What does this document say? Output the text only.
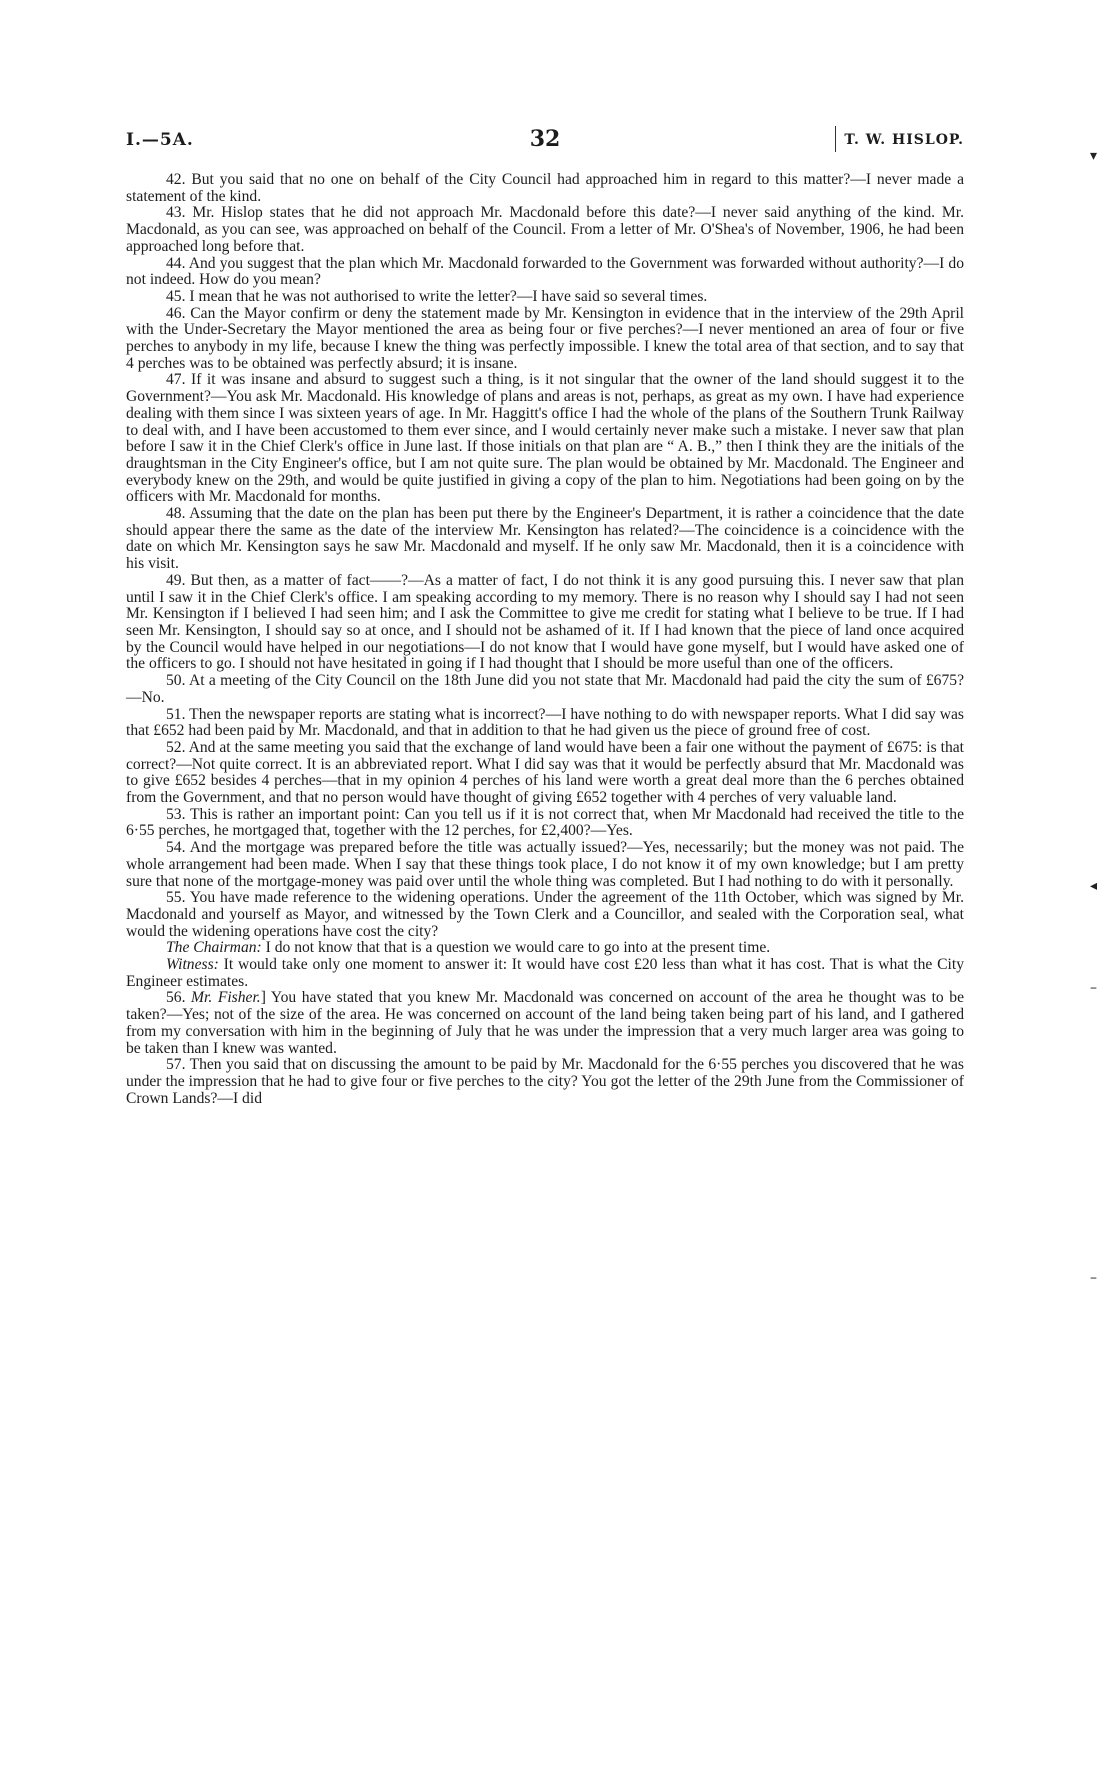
I.—5A.	32	T. W. HISLOP.

42. But you said that no one on behalf of the City Council had approached him in regard to this matter?—I never made a statement of the kind.

43. Mr. Hislop states that he did not approach Mr. Macdonald before this date?—I never said anything of the kind. Mr. Macdonald, as you can see, was approached on behalf of the Council. From a letter of Mr. O'Shea's of November, 1906, he had been approached long before that.

44. And you suggest that the plan which Mr. Macdonald forwarded to the Government was forwarded without authority?—I do not indeed. How do you mean?

45. I mean that he was not authorised to write the letter?—I have said so several times.

46. Can the Mayor confirm or deny the statement made by Mr. Kensington in evidence that in the interview of the 29th April with the Under-Secretary the Mayor mentioned the area as being four or five perches?—I never mentioned an area of four or five perches to anybody in my life, because I knew the thing was perfectly impossible. I knew the total area of that section, and to say that 4 perches was to be obtained was perfectly absurd; it is insane.

47. If it was insane and absurd to suggest such a thing, is it not singular that the owner of the land should suggest it to the Government?—You ask Mr. Macdonald. His knowledge of plans and areas is not, perhaps, as great as my own. I have had experience dealing with them since I was sixteen years of age. In Mr. Haggitt's office I had the whole of the plans of the Southern Trunk Railway to deal with, and I have been accustomed to them ever since, and I would certainly never make such a mistake. I never saw that plan before I saw it in the Chief Clerk's office in June last. If those initials on that plan are “ A. B.,” then I think they are the initials of the draughtsman in the City Engineer's office, but I am not quite sure. The plan would be obtained by Mr. Macdonald. The Engineer and everybody knew on the 29th, and would be quite justified in giving a copy of the plan to him. Negotiations had been going on by the officers with Mr. Macdonald for months.

48. Assuming that the date on the plan has been put there by the Engineer's Department, it is rather a coincidence that the date should appear there the same as the date of the interview Mr. Kensington has related?—The coincidence is a coincidence with the date on which Mr. Kensington says he saw Mr. Macdonald and myself. If he only saw Mr. Macdonald, then it is a coincidence with his visit.

49. But then, as a matter of fact——?—As a matter of fact, I do not think it is any good pursuing this. I never saw that plan until I saw it in the Chief Clerk's office. I am speaking according to my memory. There is no reason why I should say I had not seen Mr. Kensington if I believed I had seen him; and I ask the Committee to give me credit for stating what I believe to be true. If I had seen Mr. Kensington, I should say so at once, and I should not be ashamed of it. If I had known that the piece of land once acquired by the Council would have helped in our negotiations—I do not know that I would have gone myself, but I would have asked one of the officers to go. I should not have hesitated in going if I had thought that I should be more useful than one of the officers.

50. At a meeting of the City Council on the 18th June did you not state that Mr. Macdonald had paid the city the sum of £675?—No.

51. Then the newspaper reports are stating what is incorrect?—I have nothing to do with newspaper reports. What I did say was that £652 had been paid by Mr. Macdonald, and that in addition to that he had given us the piece of ground free of cost.

52. And at the same meeting you said that the exchange of land would have been a fair one without the payment of £675: is that correct?—Not quite correct. It is an abbreviated report. What I did say was that it would be perfectly absurd that Mr. Macdonald was to give £652 besides 4 perches—that in my opinion 4 perches of his land were worth a great deal more than the 6 perches obtained from the Government, and that no person would have thought of giving £652 together with 4 perches of very valuable land.

53. This is rather an important point: Can you tell us if it is not correct that, when Mr Macdonald had received the title to the 6·55 perches, he mortgaged that, together with the 12 perches, for £2,400?—Yes.

54. And the mortgage was prepared before the title was actually issued?—Yes, necessarily; but the money was not paid. The whole arrangement had been made. When I say that these things took place, I do not know it of my own knowledge; but I am pretty sure that none of the mortgage-money was paid over until the whole thing was completed. But I had nothing to do with it personally.

55. You have made reference to the widening operations. Under the agreement of the 11th October, which was signed by Mr. Macdonald and yourself as Mayor, and witnessed by the Town Clerk and a Councillor, and sealed with the Corporation seal, what would the widening operations have cost the city?

The Chairman: I do not know that that is a question we would care to go into at the present time.

Witness: It would take only one moment to answer it: It would have cost £20 less than what it has cost. That is what the City Engineer estimates.

56. Mr. Fisher.] You have stated that you knew Mr. Macdonald was concerned on account of the area he thought was to be taken?—Yes; not of the size of the area. He was concerned on account of the land being taken being part of his land, and I gathered from my conversation with him in the beginning of July that he was under the impression that a very much larger area was going to be taken than I knew was wanted.

57. Then you said that on discussing the amount to be paid by Mr. Macdonald for the 6·55 perches you discovered that he was under the impression that he had to give four or five perches to the city? You got the letter of the 29th June from the Commissioner of Crown Lands?—I did

▾
◂
–
–
